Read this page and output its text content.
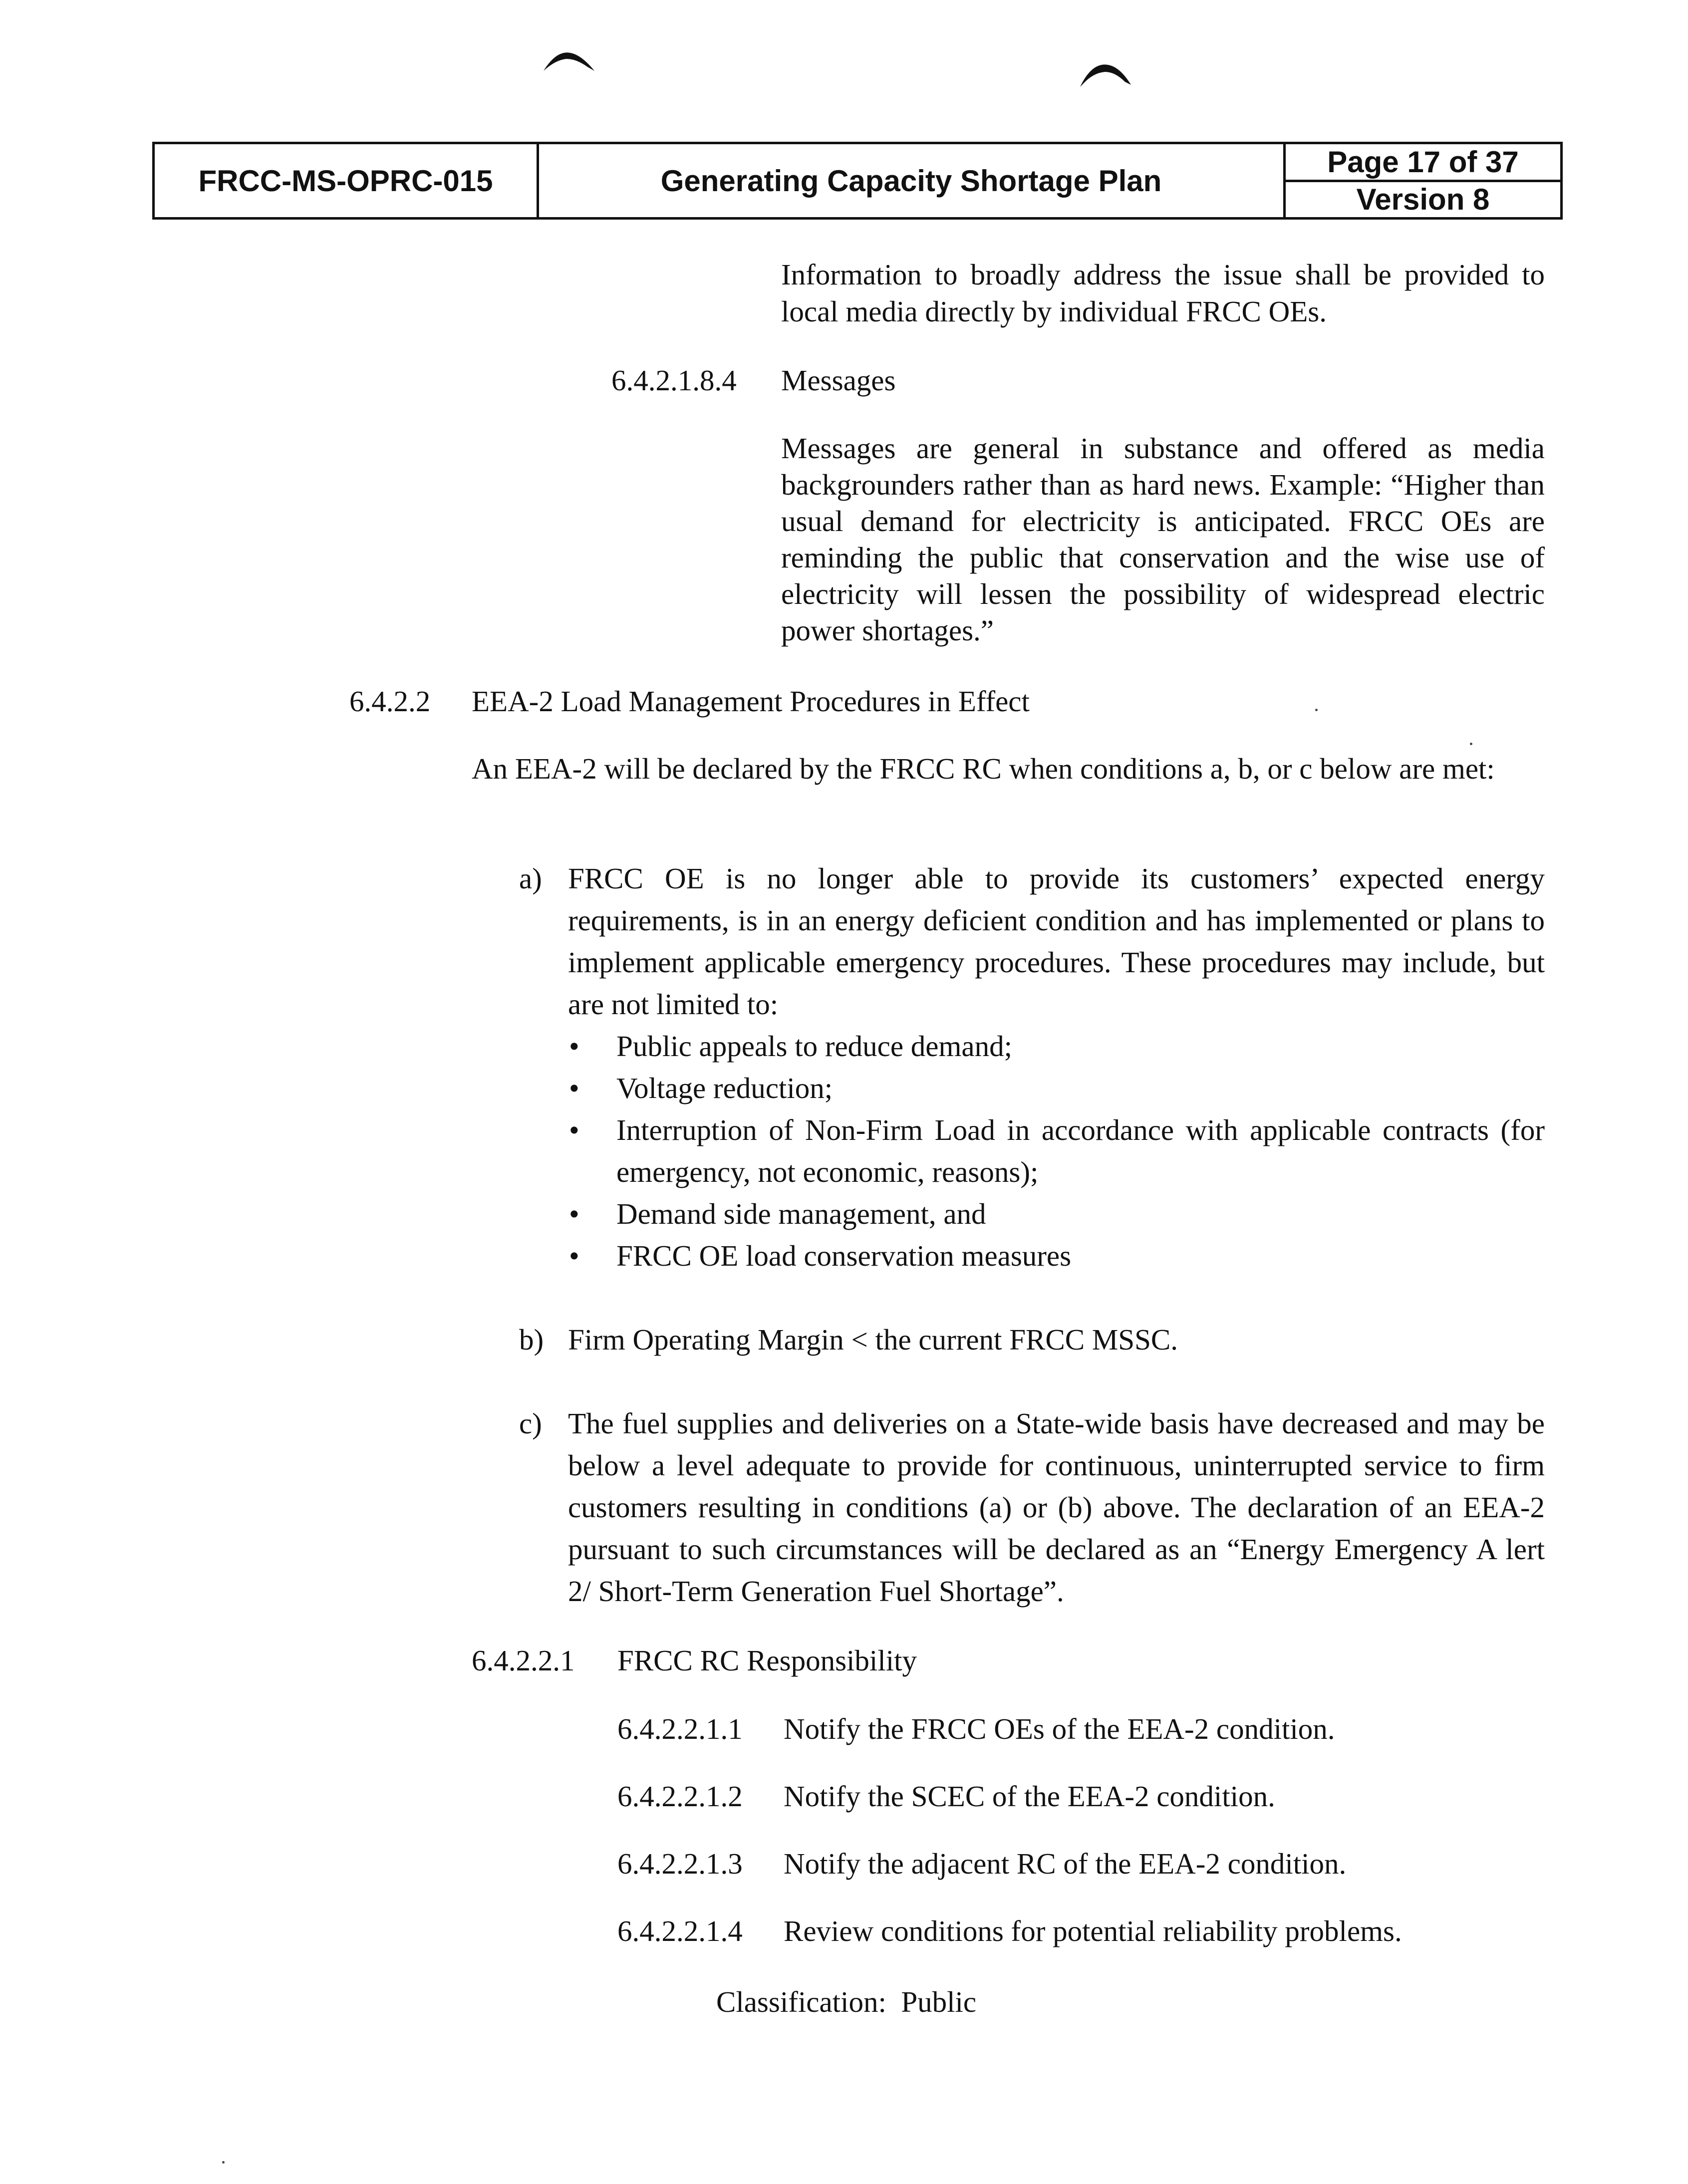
FRCC-MS-OPRC-015	Generating Capacity Shortage Plan
Page 17 of 37
Version 8
Information to broadly address the issue shall be provided to local media directly by individual FRCC OEs.
6.4.2.1.8.4 Messages
Messages are general in substance and offered as media backgrounders rather than as hard news. Example: “Higher than usual demand for electricity is anticipated. FRCC OEs are reminding the public that conservation and the wise use of electricity will lessen the possibility of widespread electric power shortages.”
6.4.2.2 EEA-2 Load Management Procedures in Effect
An EEA-2 will be declared by the FRCC RC when conditions a, b, or c below are met:
a) FRCC OE is no longer able to provide its customers’ expected energy requirements, is in an energy deficient condition and has implemented or plans to implement applicable emergency procedures. These procedures may include, but are not limited to:
• Public appeals to reduce demand;
• Voltage reduction;
• Interruption of Non-Firm Load in accordance with applicable contracts (for emergency, not economic, reasons);
• Demand side management, and
• FRCC OE load conservation measures
b) Firm Operating Margin < the current FRCC MSSC.
c) The fuel supplies and deliveries on a State-wide basis have decreased and may be below a level adequate to provide for continuous, uninterrupted service to firm customers resulting in conditions (a) or (b) above. The declaration of an EEA-2 pursuant to such circumstances will be declared as an “Energy Emergency A lert 2/ Short-Term Generation Fuel Shortage”.
6.4.2.2.1 FRCC RC Responsibility
6.4.2.2.1.1 Notify the FRCC OEs of the EEA-2 condition.
6.4.2.2.1.2 Notify the SCEC of the EEA-2 condition.
6.4.2.2.1.3 Notify the adjacent RC of the EEA-2 condition.
6.4.2.2.1.4 Review conditions for potential reliability problems.
Classification:  Public
